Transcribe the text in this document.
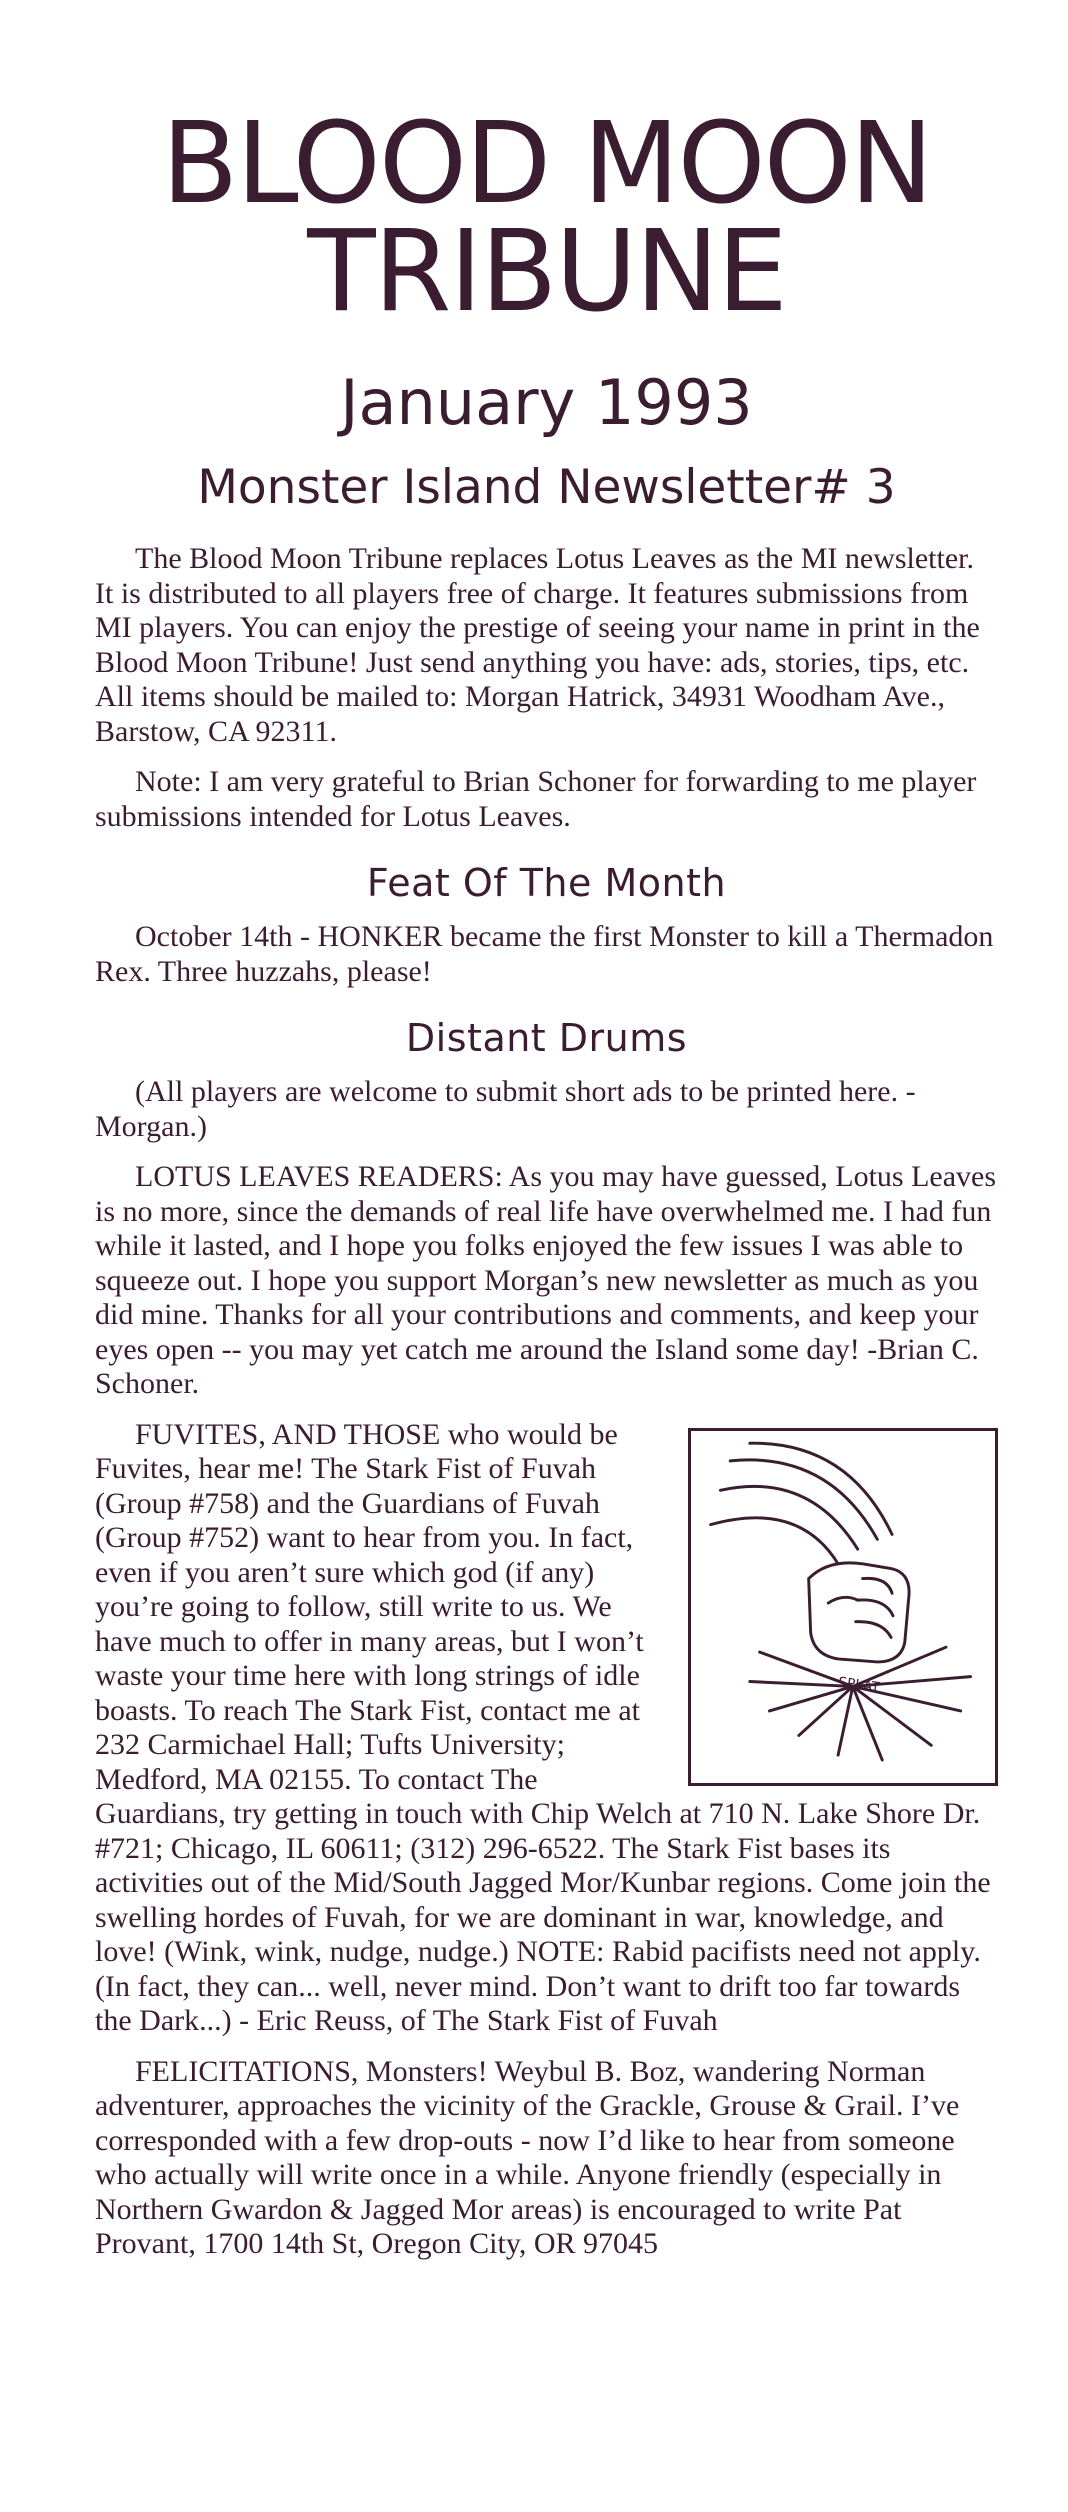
BLOOD MOON
TRIBUNE
January 1993
Monster Island Newsletter# 3

The Blood Moon Tribune replaces Lotus Leaves as the MI newsletter. It is distributed to all players free of charge. It features submissions from MI players. You can enjoy the prestige of seeing your name in print in the Blood Moon Tribune! Just send anything you have: ads, stories, tips, etc. All items should be mailed to: Morgan Hatrick, 34931 Woodham Ave., Barstow, CA 92311.

Note: I am very grateful to Brian Schoner for forwarding to me player submissions intended for Lotus Leaves.

Feat Of The Month

October 14th - HONKER became the first Monster to kill a Thermadon Rex. Three huzzahs, please!

Distant Drums

(All players are welcome to submit short ads to be printed here. - Morgan.)

LOTUS LEAVES READERS: As you may have guessed, Lotus Leaves is no more, since the demands of real life have overwhelmed me. I had fun while it lasted, and I hope you folks enjoyed the few issues I was able to squeeze out. I hope you support Morgan’s new newsletter as much as you did mine. Thanks for all your contributions and comments, and keep your eyes open -- you may yet catch me around the Island some day! -Brian C. Schoner.

SPLAT

FUVITES, AND THOSE who would be Fuvites, hear me! The Stark Fist of Fuvah (Group #758) and the Guardians of Fuvah (Group #752) want to hear from you. In fact, even if you aren’t sure which god (if any) you’re going to follow, still write to us. We have much to offer in many areas, but I won’t waste your time here with long strings of idle boasts. To reach The Stark Fist, contact me at 232 Carmichael Hall; Tufts University; Medford, MA 02155. To contact The Guardians, try getting in touch with Chip Welch at 710 N. Lake Shore Dr. #721; Chicago, IL 60611; (312) 296-6522. The Stark Fist bases its activities out of the Mid/South Jagged Mor/Kunbar regions. Come join the swelling hordes of Fuvah, for we are dominant in war, knowledge, and love! (Wink, wink, nudge, nudge.) NOTE: Rabid pacifists need not apply. (In fact, they can... well, never mind. Don’t want to drift too far towards the Dark...) - Eric Reuss, of The Stark Fist of Fuvah

FELICITATIONS, Monsters! Weybul B. Boz, wandering Norman adventurer, approaches the vicinity of the Grackle, Grouse & Grail. I’ve corresponded with a few drop-outs - now I’d like to hear from someone who actually will write once in a while. Anyone friendly (especially in Northern Gwardon & Jagged Mor areas) is encouraged to write Pat Provant, 1700 14th St, Oregon City, OR 97045
